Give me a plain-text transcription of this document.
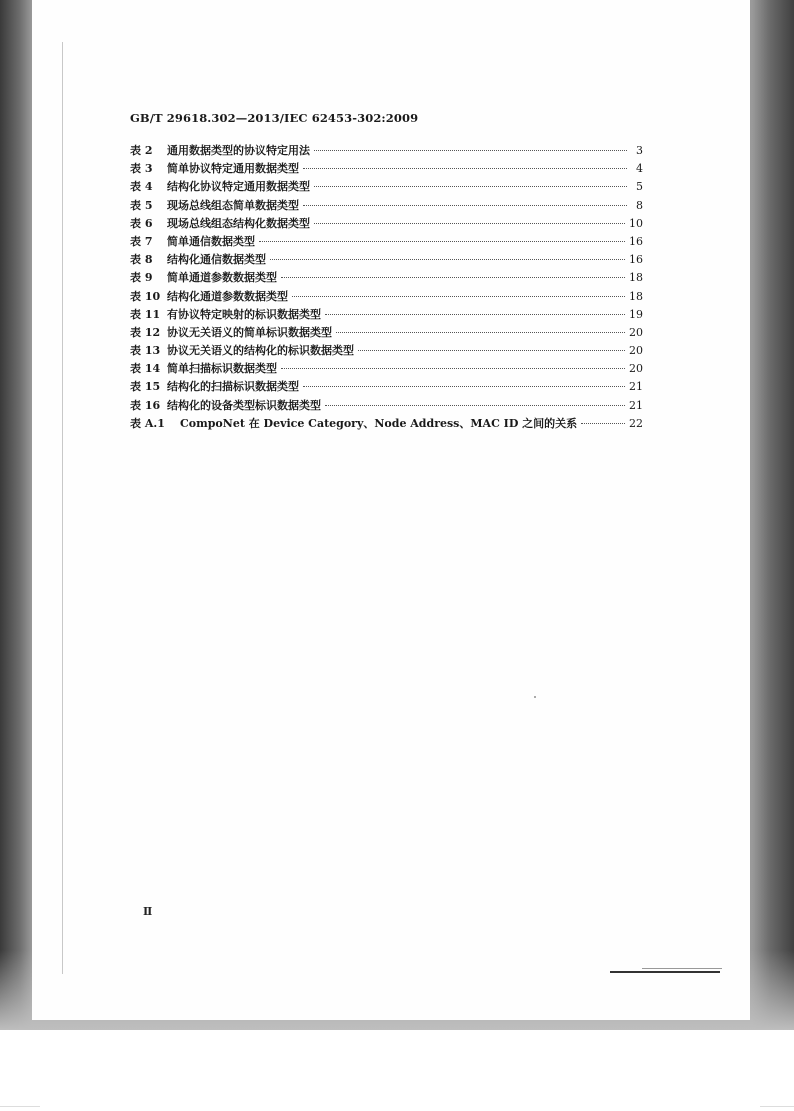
GB/T 29618.302—2013/IEC 62453-302:2009
表 2	通用数据类型的协议特定用法	3
表 3	简单协议特定通用数据类型	4
表 4	结构化协议特定通用数据类型	5
表 5	现场总线组态简单数据类型	8
表 6	现场总线组态结构化数据类型	10
表 7	简单通信数据类型	16
表 8	结构化通信数据类型	16
表 9	简单通道参数数据类型	18
表 10 结构化通道参数数据类型	18
表 11 有协议特定映射的标识数据类型	19
表 12 协议无关语义的简单标识数据类型	20
表 13 协议无关语义的结构化的标识数据类型	20
表 14 简单扫描标识数据类型	20
表 15 结构化的扫描标识数据类型	21
表 16 结构化的设备类型标识数据类型	21
表 A.1	CompoNet 在 Device Category、Node Address、MAC ID 之间的关系	22
Ⅱ
